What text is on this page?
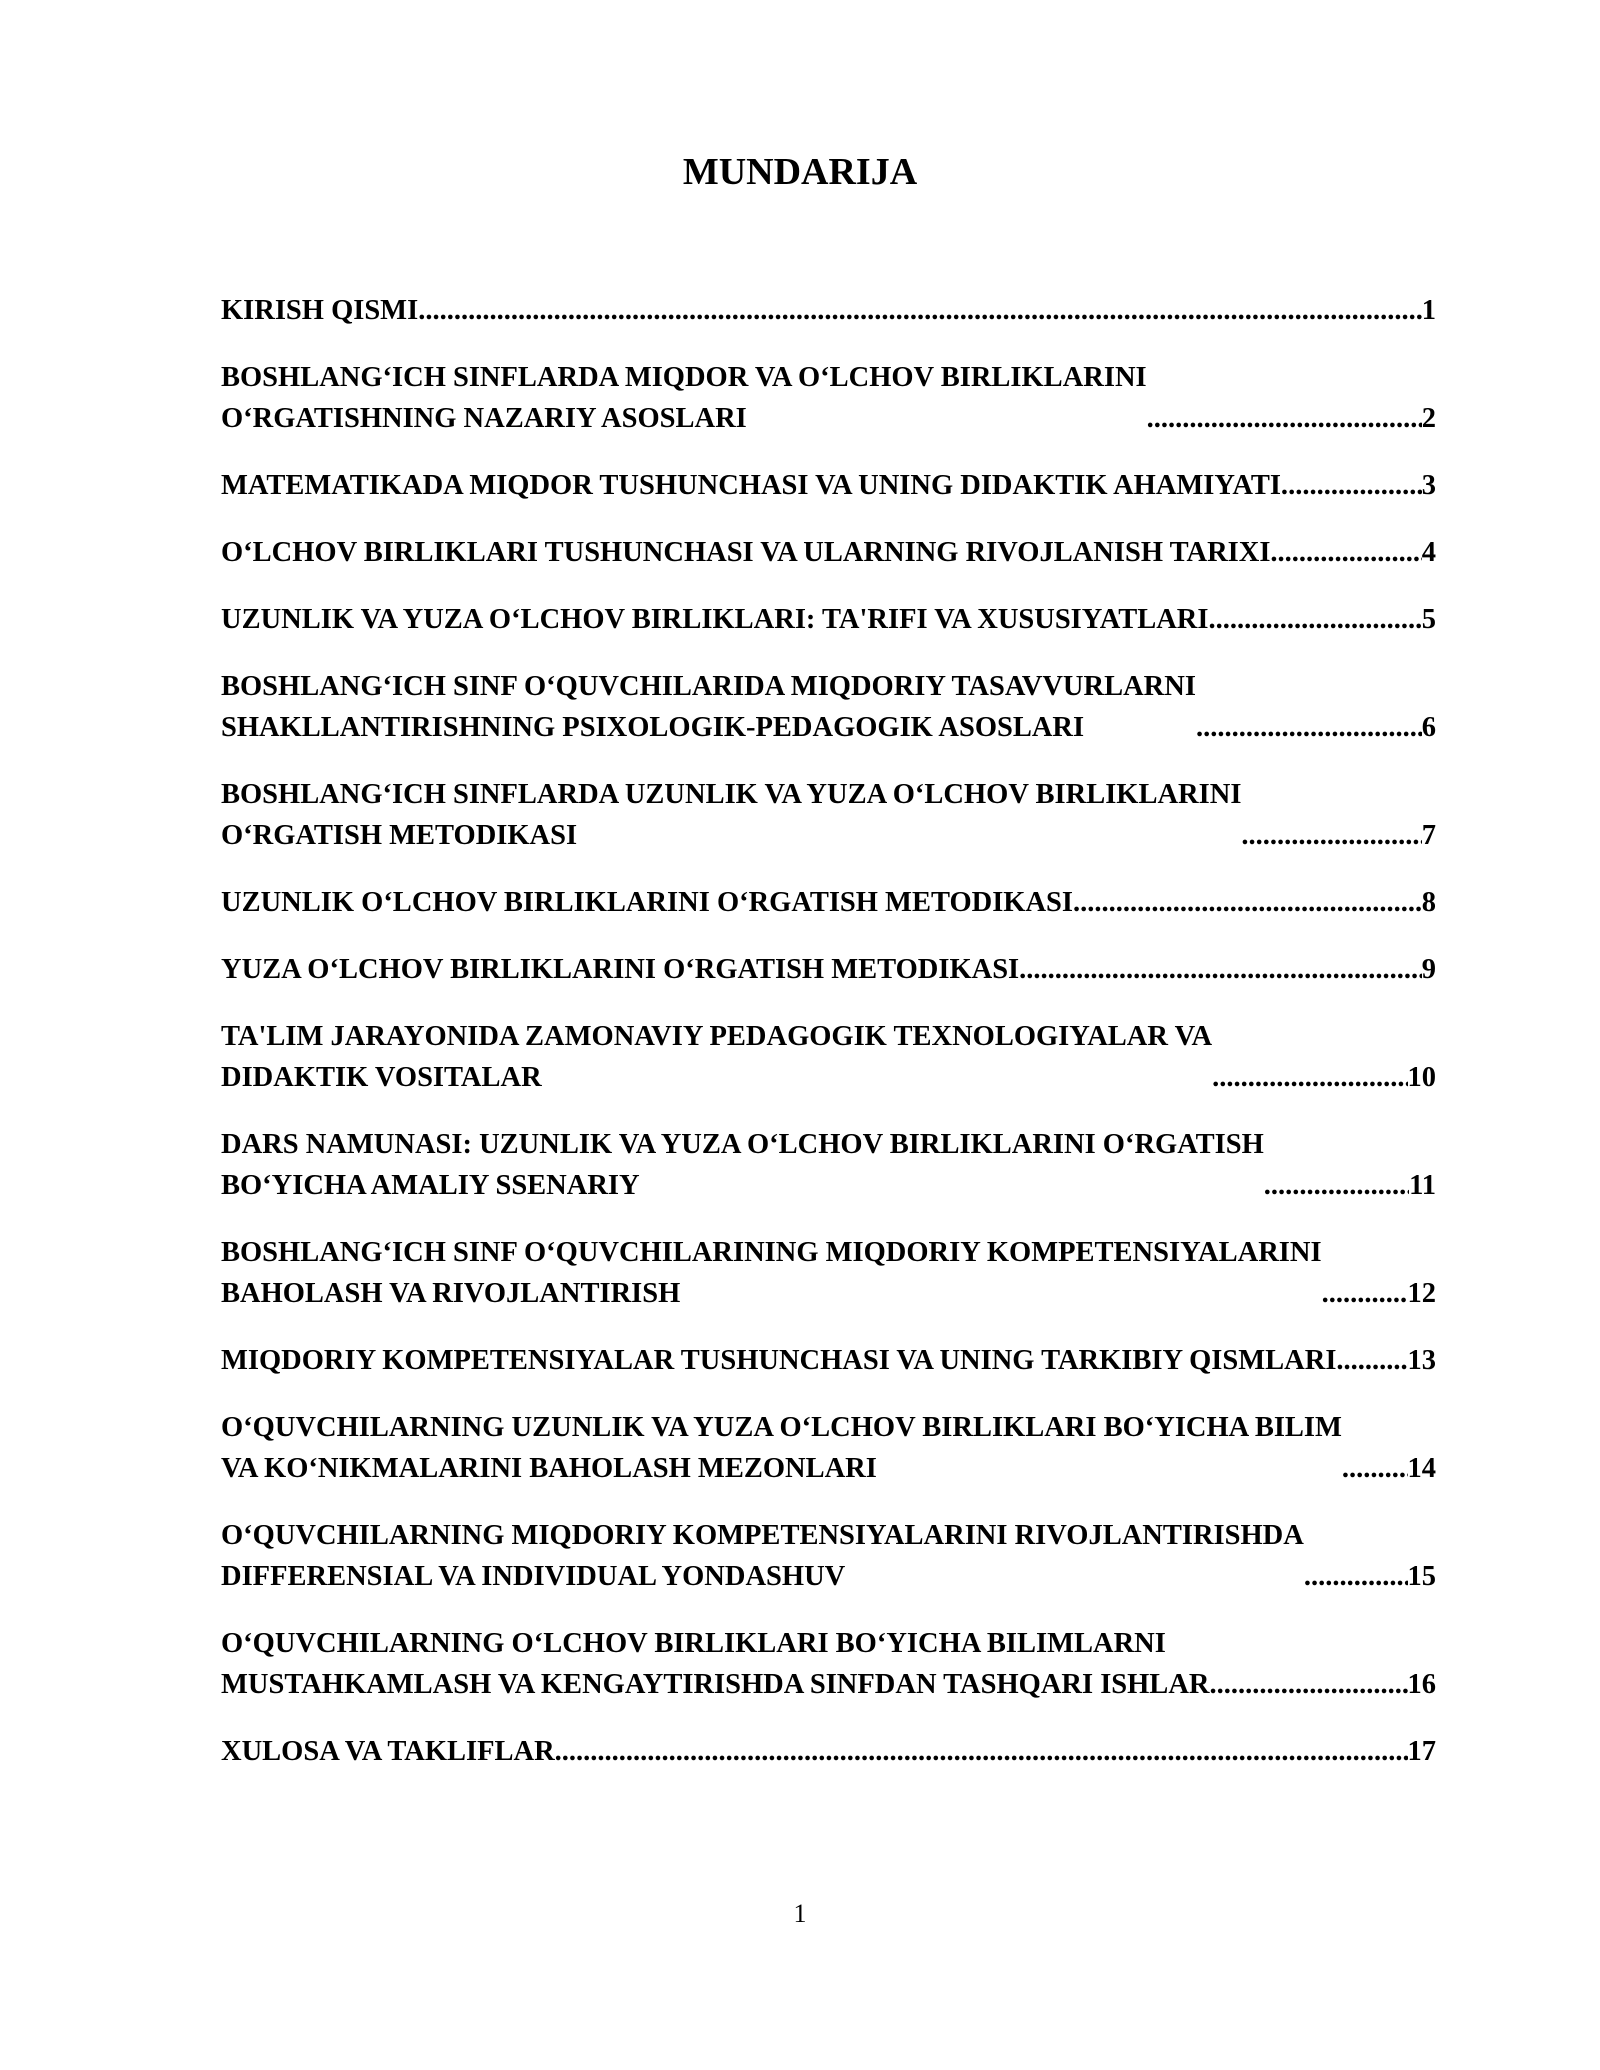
MUNDARIJA
KIRISH QISMI .....	1
BOSHLANG‘ICH SINFLARDA MIQDOR VA O‘LCHOV BIRLIKLARINI
O‘RGATISHNING NAZARIY ASOSLARI .....	2
MATEMATIKADA MIQDOR TUSHUNCHASI VA UNING DIDAKTIK AHAMIYATI. .....	3
O‘LCHOV BIRLIKLARI TUSHUNCHASI VA ULARNING RIVOJLANISH TARIXI .....	4
UZUNLIK VA YUZA O‘LCHOV BIRLIKLARI: TA'RIFI VA XUSUSIYATLARI .....	5
BOSHLANG‘ICH SINF O‘QUVCHILARIDA MIQDORIY TASAVVURLARNI
SHAKLLANTIRISHNING PSIXOLOGIK-PEDAGOGIK ASOSLARI .....	6
BOSHLANG‘ICH SINFLARDA UZUNLIK VA YUZA O‘LCHOV BIRLIKLARINI
O‘RGATISH METODIKASI .....	7
UZUNLIK O‘LCHOV BIRLIKLARINI O‘RGATISH METODIKASI .....	8
YUZA O‘LCHOV BIRLIKLARINI O‘RGATISH METODIKASI .....	9
TA'LIM JARAYONIDA ZAMONAVIY PEDAGOGIK TEXNOLOGIYALAR VA
DIDAKTIK VOSITALAR .....	10
DARS NAMUNASI: UZUNLIK VA YUZA O‘LCHOV BIRLIKLARINI O‘RGATISH
BO‘YICHA AMALIY SSENARIY .....	11
BOSHLANG‘ICH SINF O‘QUVCHILARINING MIQDORIY KOMPETENSIYALARINI
BAHOLASH VA RIVOJLANTIRISH .....	12
MIQDORIY KOMPETENSIYALAR TUSHUNCHASI VA UNING TARKIBIY QISMLARI ..... 13
O‘QUVCHILARNING UZUNLIK VA YUZA O‘LCHOV BIRLIKLARI BO‘YICHA BILIM
VA KO‘NIKMALARINI BAHOLASH MEZONLARI .....	14
O‘QUVCHILARNING MIQDORIY KOMPETENSIYALARINI RIVOJLANTIRISHDA
DIFFERENSIAL VA INDIVIDUAL YONDASHUV .....	15
O‘QUVCHILARNING O‘LCHOV BIRLIKLARI BO‘YICHA BILIMLARNI
MUSTAHKAMLASH VA KENGAYTIRISHDA SINFDAN TASHQARI ISHLAR .....	16
XULOSA VA TAKLIFLAR .....	17
1
